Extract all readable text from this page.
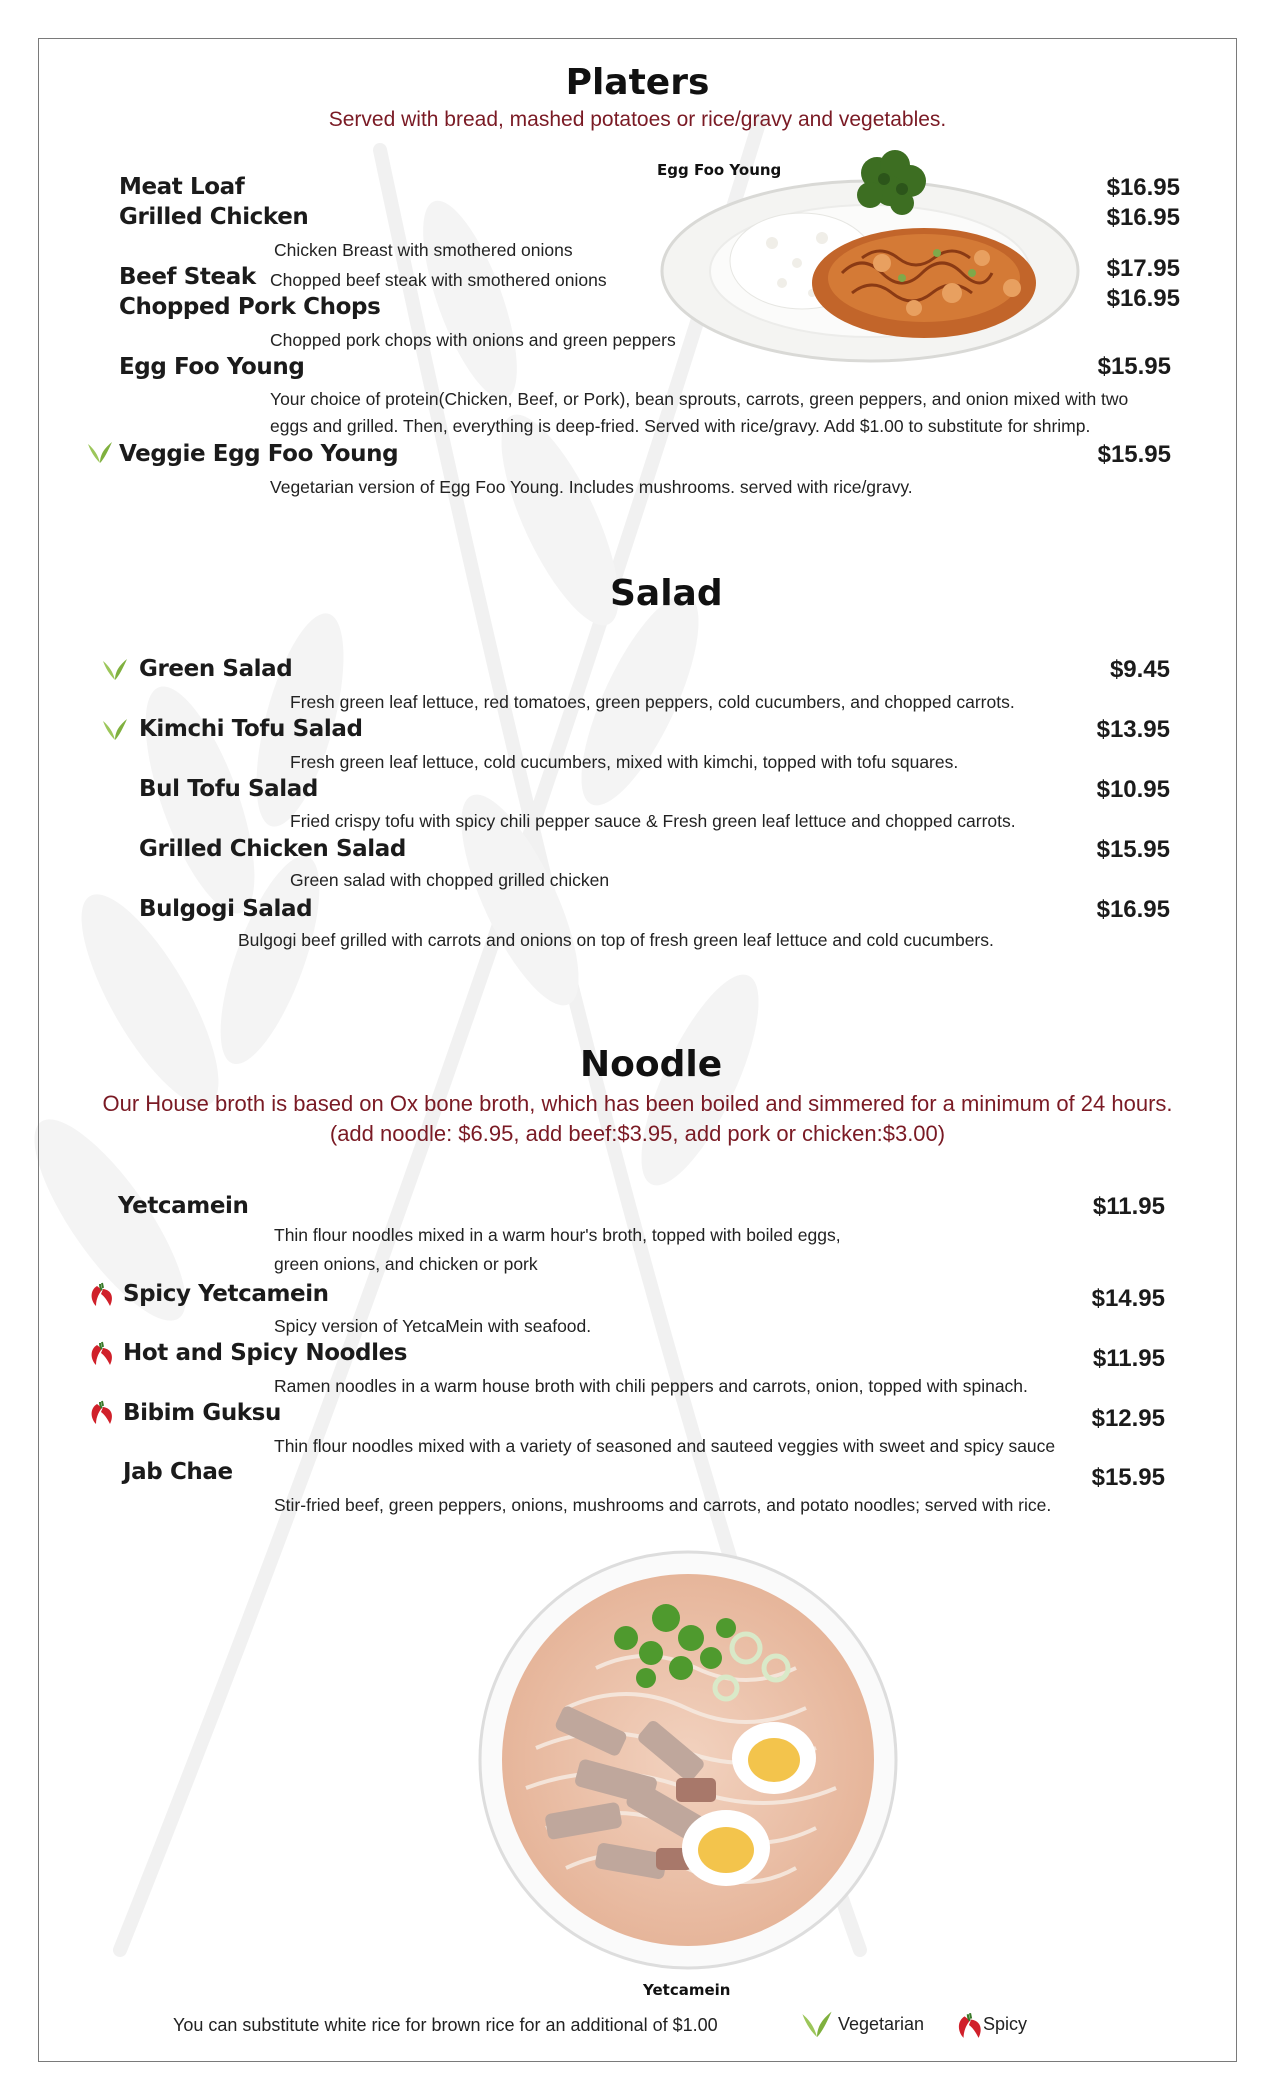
Platers
Served with bread, mashed potatoes or rice/gravy and vegetables.
Egg Foo Young
Meat Loaf	$16.95
Grilled Chicken	$16.95
Chicken Breast with smothered onions
Beef Steak Chopped beef steak with smothered onions	$17.95
Chopped Pork Chops	$16.95
Chopped pork chops with onions and green peppers
Egg Foo Young	$15.95
Your choice of protein(Chicken, Beef, or Pork), bean sprouts, carrots, green peppers, and onion mixed with two
eggs and grilled. Then, everything is deep-fried. Served with rice/gravy. Add $1.00 to substitute for shrimp.
Veggie Egg Foo Young	$15.95
Vegetarian version of Egg Foo Young. Includes mushrooms. served with rice/gravy.
Salad
Green Salad	$9.45
Fresh green leaf lettuce, red tomatoes, green peppers, cold cucumbers, and chopped carrots.
Kimchi Tofu Salad	$13.95
Fresh green leaf lettuce, cold cucumbers, mixed with kimchi, topped with tofu squares.
Bul Tofu Salad	$10.95
Fried crispy tofu with spicy chili pepper sauce & Fresh green leaf lettuce and chopped carrots.
Grilled Chicken Salad	$15.95
Green salad with chopped grilled chicken
Bulgogi Salad	$16.95
Bulgogi beef grilled with carrots and onions on top of fresh green leaf lettuce and cold cucumbers.
Noodle
Our House broth is based on Ox bone broth, which has been boiled and simmered for a minimum of 24 hours.
(add noodle: $6.95, add beef:$3.95, add pork or chicken:$3.00)
Yetcamein	$11.95
Thin flour noodles mixed in a warm hour's broth, topped with boiled eggs,
green onions, and chicken or pork
Spicy Yetcamein	$14.95
Spicy version of YetcaMein with seafood.
Hot and Spicy Noodles	$11.95
Ramen noodles in a warm house broth with chili peppers and carrots, onion, topped with spinach.
Bibim Guksu	$12.95
Thin flour noodles mixed with a variety of seasoned and sauteed veggies with sweet and spicy sauce
Jab Chae	$15.95
Stir-fried beef, green peppers, onions, mushrooms and carrots, and potato noodles; served with rice.
Yetcamein
You can substitute white rice for brown rice for an additional of $1.00	Vegetarian	Spicy
